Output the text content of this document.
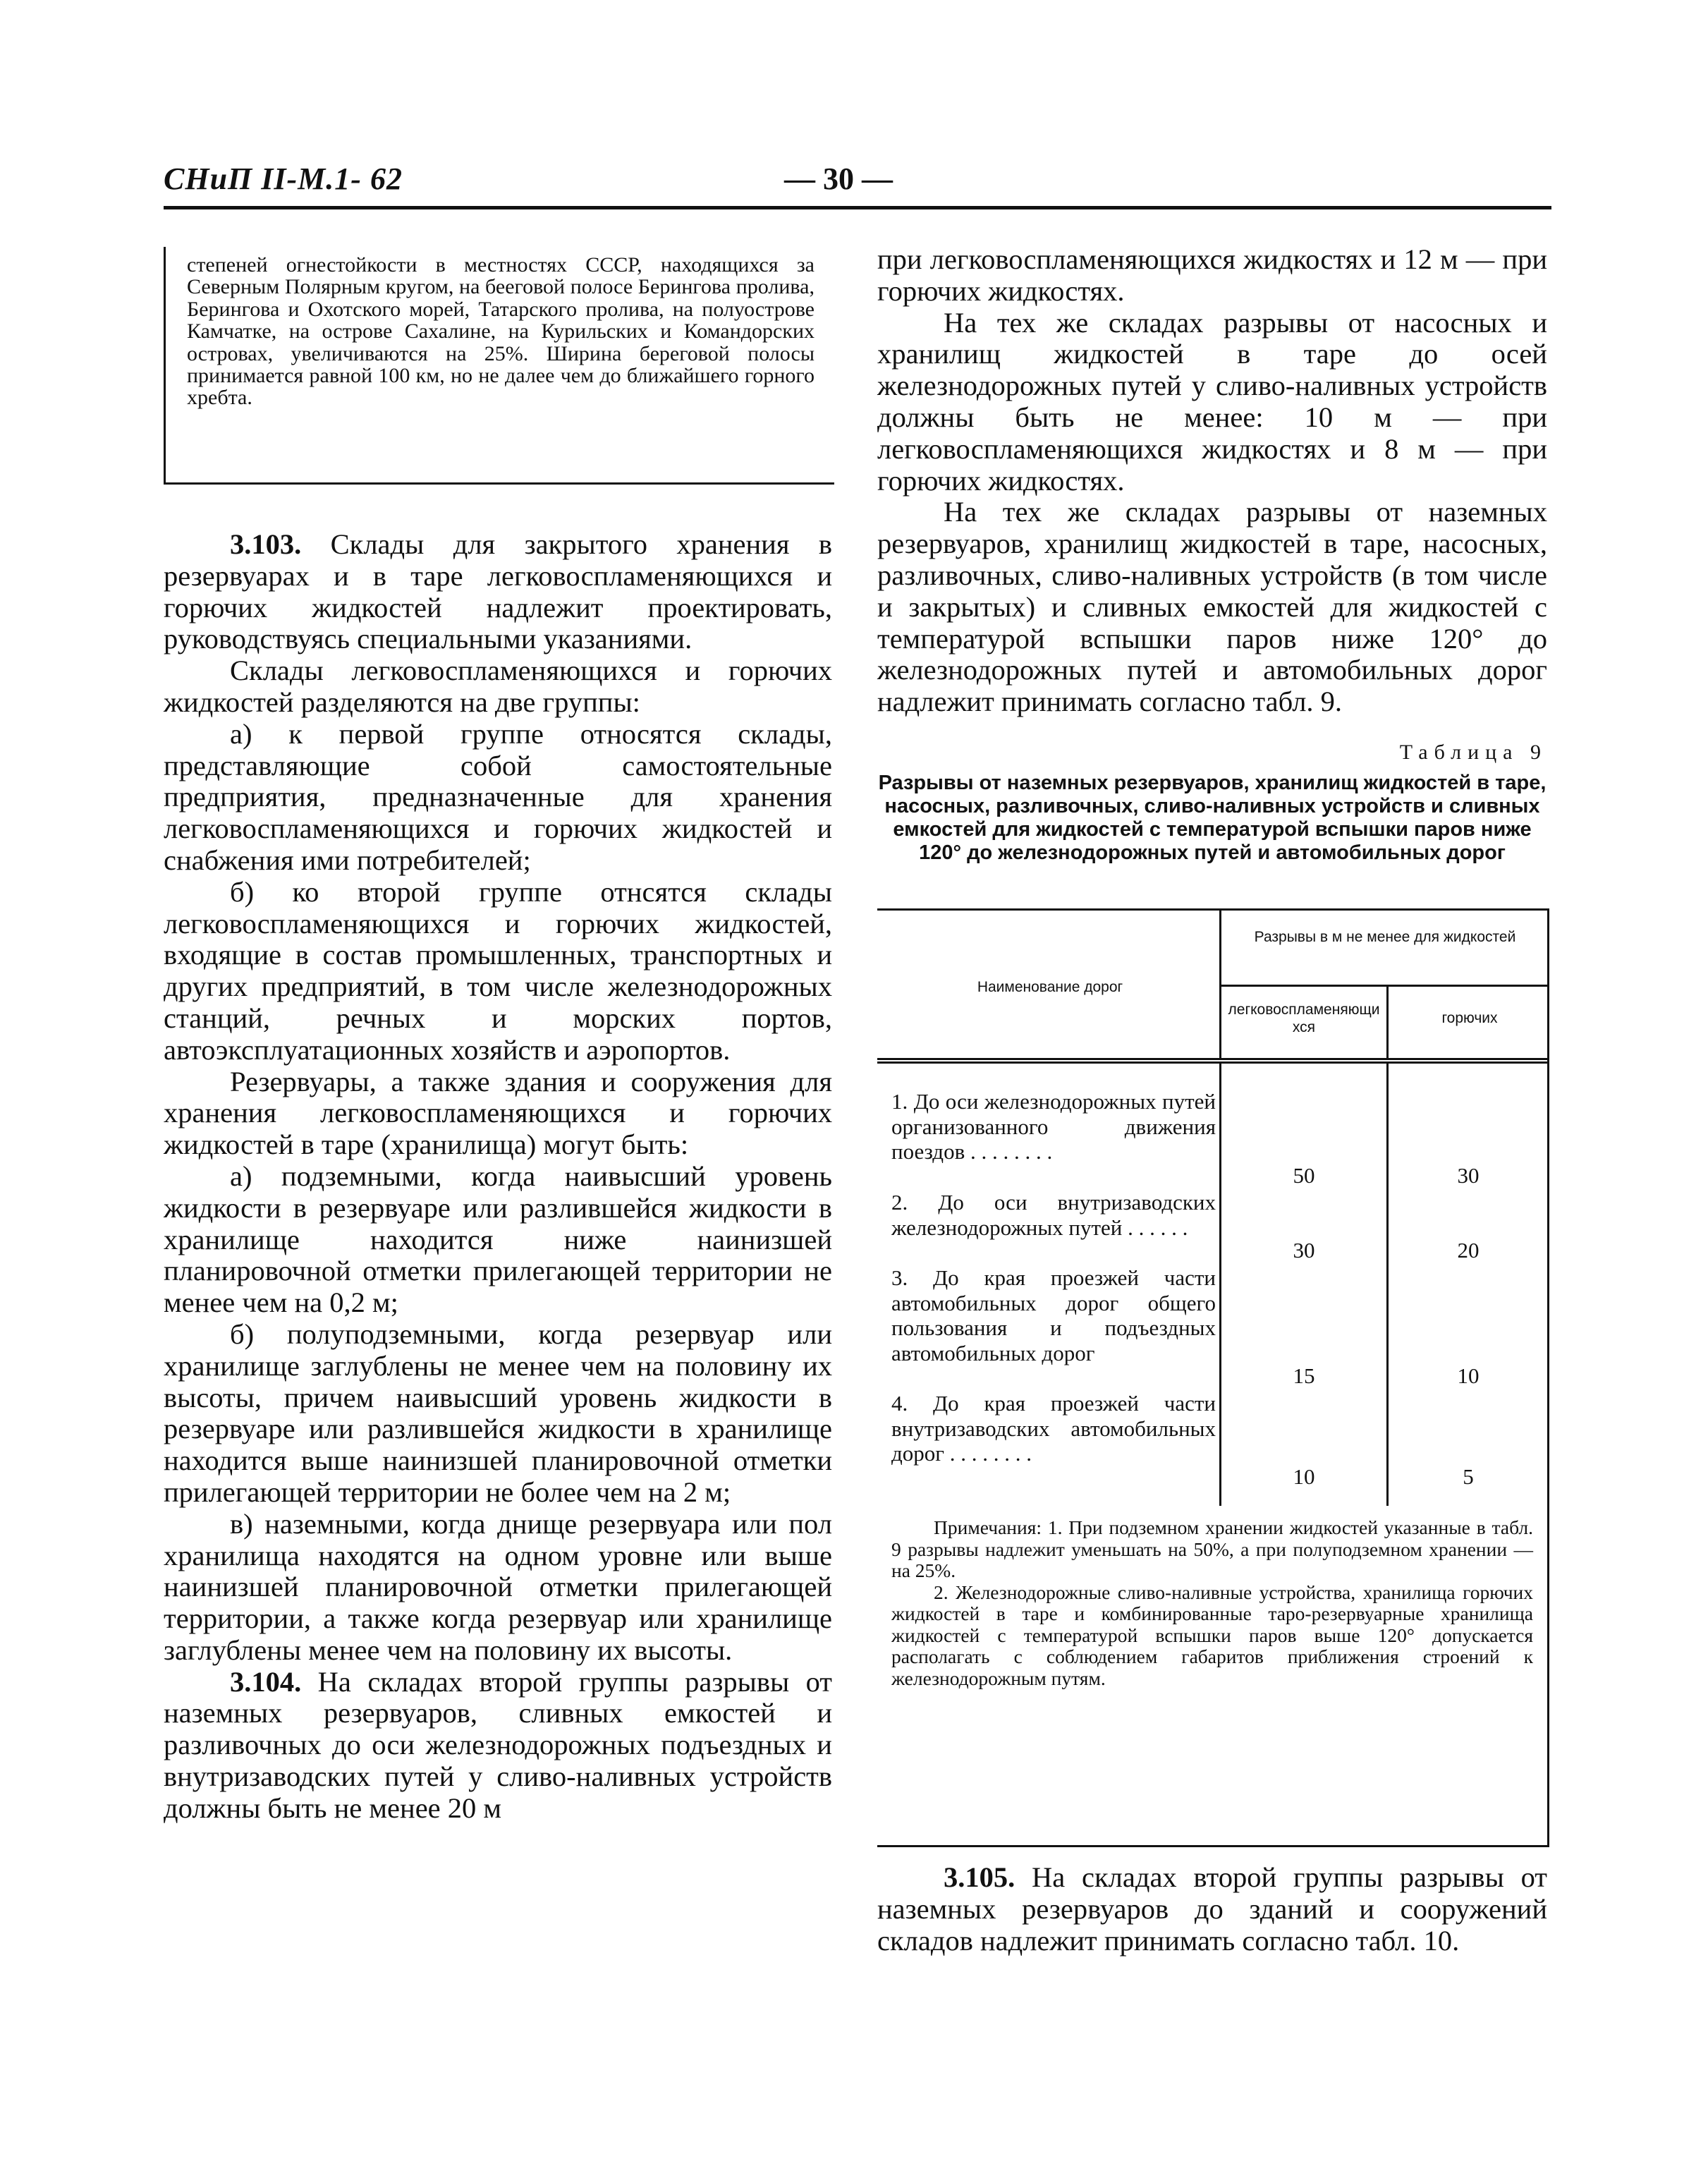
СНиП II-М.1- 62	— 30 —
степеней огнестойкости в местностях СССР, находящихся за Северным Полярным кругом, на бееговой полосе Берингова пролива, Берингова и Охотского морей, Татарского пролива, на полуострове Камчатке, на острове Сахалине, на Курильских и Командорских островах, увеличиваются на 25%. Ширина береговой полосы принимается равной 100 км, но не далее чем до ближайшего горного хребта.

3.103. Склады для закрытого хранения в резервуарах и в таре легковоспламеняющихся и горючих жидкостей надлежит проектировать, руководствуясь специальными указаниями.

Склады легковоспламеняющихся и горючих жидкостей разделяются на две группы:

а) к первой группе относятся склады, представляющие собой самостоятельные предприятия, предназначенные для хранения легковоспламеняющихся и горючих жидкостей и снабжения ими потребителей;

б) ко второй группе отнсятся склады легковоспламеняющихся и горючих жидкостей, входящие в состав промышленных, транспортных и других предприятий, в том числе железнодорожных станций, речных и морских портов, автоэксплуатационных хозяйств и аэропортов.

Резервуары, а также здания и сооружения для хранения легковоспламеняющихся и горючих жидкостей в таре (хранилища) могут быть:

а) подземными, когда наивысший уровень жидкости в резервуаре или разлившейся жидкости в хранилище находится ниже наинизшей планировочной отметки прилегающей территории не менее чем на 0,2 м;

б) полуподземными, когда резервуар или хранилище заглублены не менее чем на половину их высоты, причем наивысший уровень жидкости в резервуаре или разлившейся жидкости в хранилище находится выше наинизшей планировочной отметки прилегающей территории не более чем на 2 м;

в) наземными, когда днище резервуара или пол хранилища находятся на одном уровне или выше наинизшей планировочной отметки прилегающей территории, а также когда резервуар или хранилище заглублены менее чем на половину их высоты.

3.104. На складах второй группы разрывы от наземных резервуаров, сливных емкостей и разливочных до оси железнодорожных подъездных и внутризаводских путей у сливо-наливных устройств должны быть не менее 20 м

при легковоспламеняющихся жидкостях и 12 м — при горючих жидкостях.

На тех же складах разрывы от насосных и хранилищ жидкостей в таре до осей железнодорожных путей у сливо-наливных устройств должны быть не менее: 10 м — при легковоспламеняющихся жидкостях и 8 м — при горючих жидкостях.

На тех же складах разрывы от наземных резервуаров, хранилищ жидкостей в таре, насосных, разливочных, сливо-наливных устройств (в том числе и закрытых) и сливных емкостей для жидкостей с температурой вспышки паров ниже 120° до железнодорожных путей и автомобильных дорог надлежит принимать согласно табл. 9.

Таблица 9
Разрывы от наземных резервуаров, хранилищ жидкостей в таре, насосных, разливочных, сливо-наливных устройств и сливных емкостей для жидкостей с температурой вспышки паров ниже 120° до железнодорожных путей и автомобильных дорог
Наименование дорог
Разрывы в м не менее для жидкостей
легковоспламеняющихся
горючих
1. До оси железнодорожных путей организованного движения поездов . . . . . . . .
50	30
2. До оси внутризаводских железнодорожных путей . . . . . .
30	20
3. До края проезжей части автомобильных дорог общего пользования и подъездных автомобильных дорог
15	10
4. До края проезжей части внутризаводских автомобильных дорог . . . . . . . .
10	5
Примечания: 1. При подземном хранении жидкостей указанные в табл. 9 разрывы надлежит уменьшать на 50%, а при полуподземном хранении — на 25%.
2. Железнодорожные сливо-наливные устройства, хранилища горючих жидкостей в таре и комбинированные таро-резервуарные хранилища жидкостей с температурой вспышки паров выше 120° допускается располагать с соблюдением габаритов приближения строений к железнодорожным путям.

3.105. На складах второй группы разрывы от наземных резервуаров до зданий и сооружений складов надлежит принимать согласно табл. 10.
